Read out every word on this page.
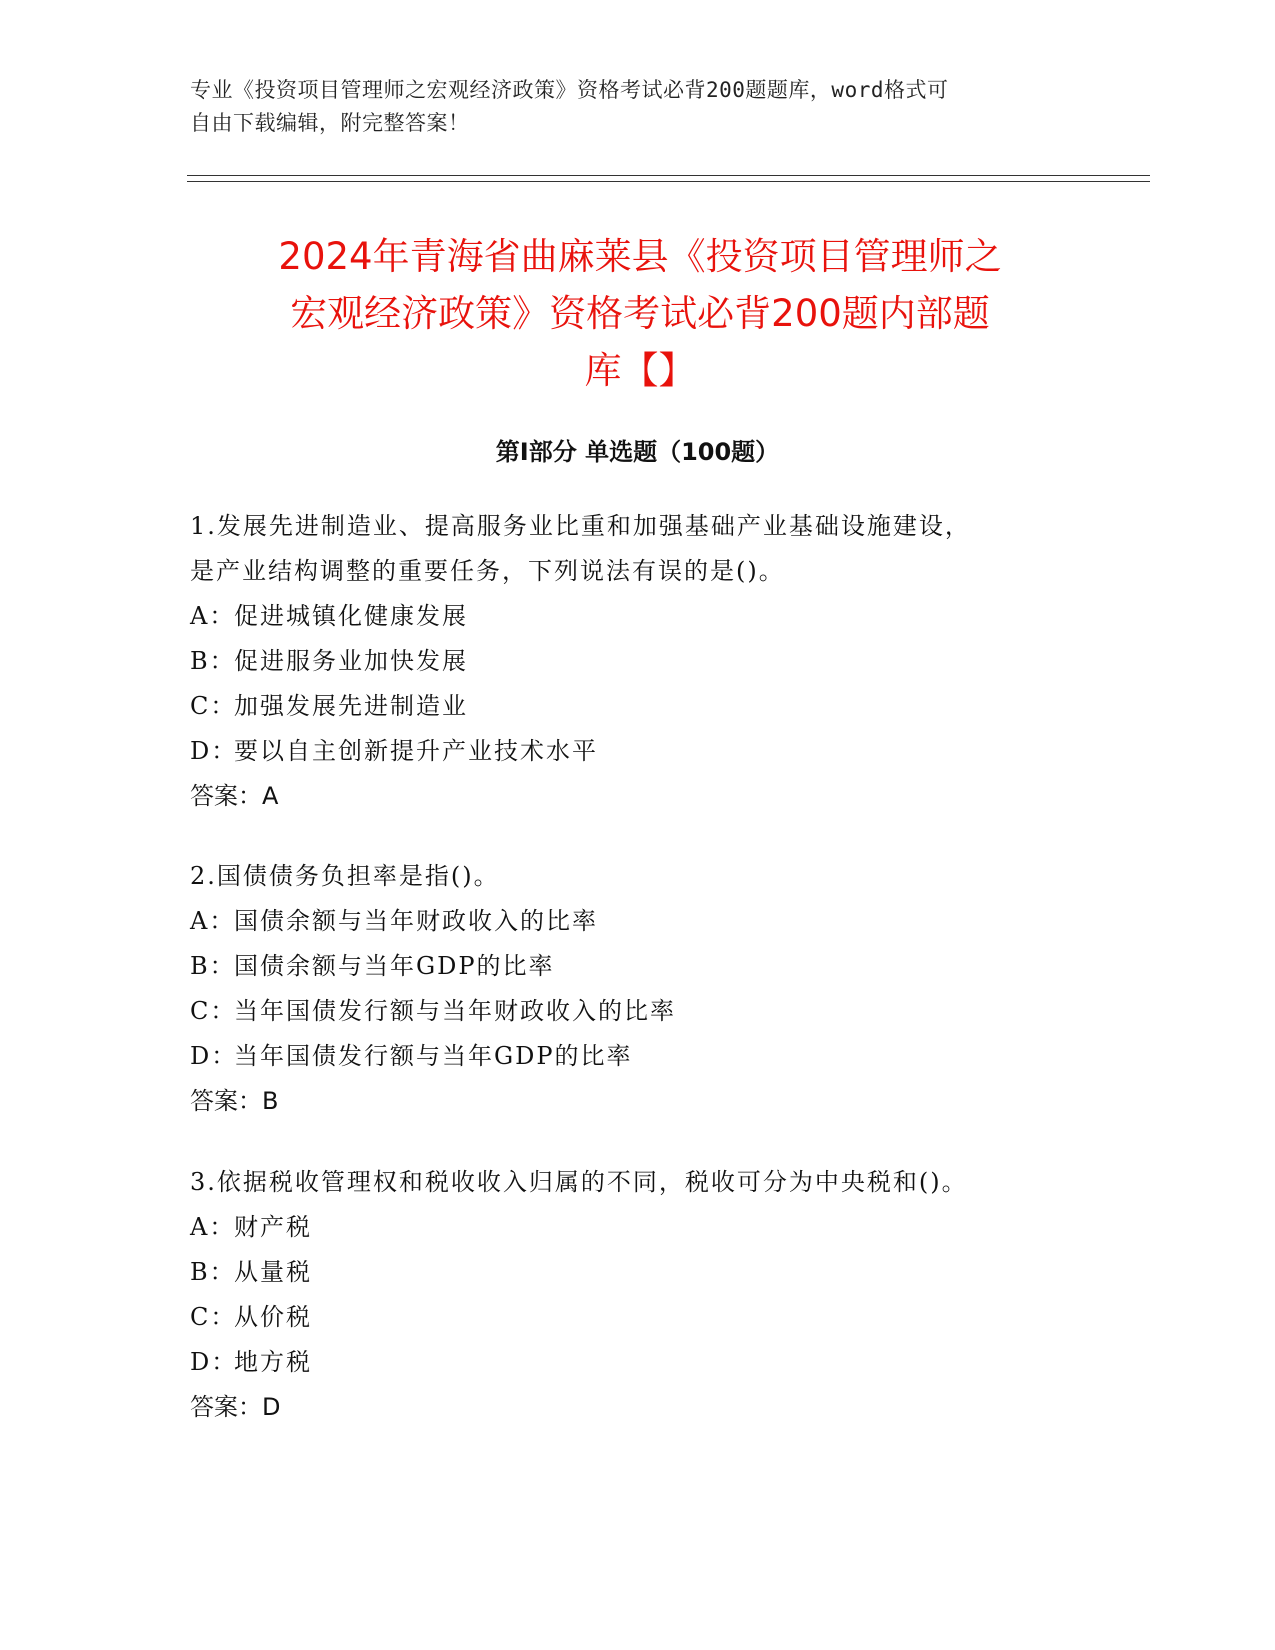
专业《投资项目管理师之宏观经济政策》资格考试必背200题题库，word格式可
自由下载编辑，附完整答案！
2024年青海省曲麻莱县《投资项目管理师之
宏观经济政策》资格考试必背200题内部题
库【】
第I部分 单选题（100题）
1.发展先进制造业、提高服务业比重和加强基础产业基础设施建设，
是产业结构调整的重要任务，下列说法有误的是()。
A：促进城镇化健康发展
B：促进服务业加快发展
C：加强发展先进制造业
D：要以自主创新提升产业技术水平
答案：A
2.国债债务负担率是指()。
A：国债余额与当年财政收入的比率
B：国债余额与当年GDP的比率
C：当年国债发行额与当年财政收入的比率
D：当年国债发行额与当年GDP的比率
答案：B
3.依据税收管理权和税收收入归属的不同，税收可分为中央税和()。
A：财产税
B：从量税
C：从价税
D：地方税
答案：D
